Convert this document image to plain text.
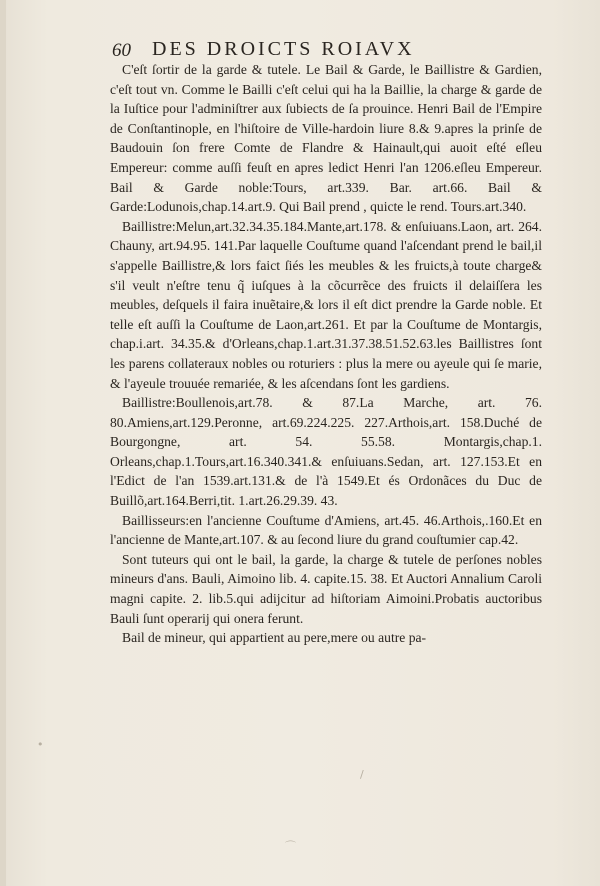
60 DES DROICTS ROIAVX

C'eſt ſortir de la garde & tutele. Le Bail & Garde, le Baillistre & Gardien, c'eſt tout vn. Comme le Bailli c'eſt celui qui ha la Baillie, la charge & garde de la Iuſtice pour l'adminiſtrer aux ſubiects de ſa prouince. Henri Bail de l'Empire de Conſtantinople, en l'hiſtoire de Ville-hardoin liure 8.& 9.apres la prinſe de Baudouin ſon frere Comte de Flandre & Hainault,qui auoit eſté eſleu Empereur: comme auſſi feuſt en apres ledict Henri l'an 1206.eſleu Empereur. Bail & Garde noble:Tours, art.339. Bar. art.66. Bail & Garde:Lodunois,chap.14.art.9. Qui Bail prend , quicte le rend. Tours.art.340.

Baillistre:Melun,art.32.34.35.184.Mante,art.178. & enſuiuans.Laon, art. 264. Chauny, art.94.95. 141.Par laquelle Couſtume quand l'aſcendant prend le bail,il s'appelle Baillistre,& lors faict ſiés les meubles & les fruicts,à toute charge& s'il veult n'eſtre tenu q̃ iuſques à la cõcurrẽce des fruicts il delaiſſera les meubles, deſquels il faira inuẽtaire,& lors il eſt dict prendre la Garde noble. Et telle eſt auſſi la Couſtume de Laon,art.261. Et par la Couſtume de Montargis, chap.i.art. 34.35.& d'Orleans,chap.1.art.31.37.38.51.52.63.les Baillistres ſont les parens collateraux nobles ou roturiers : plus la mere ou ayeule qui ſe marie, & l'ayeule trouuée remariée, & les aſcendans ſont les gardiens.

Baillistre:Boullenois,art.78. & 87.La Marche, art. 76. 80.Amiens,art.129.Peronne, art.69.224.225. 227.Arthois,art. 158.Duché de Bourgongne, art. 54. 55.58. Montargis,chap.1. Orleans,chap.1.Tours,art.16.340.341.& enſuiuans.Sedan, art. 127.153.Et en l'Edict de l'an 1539.art.131.& de l'à 1549.Et és Ordonãces du Duc de Buillõ,art.164.Berri,tit. 1.art.26.29.39. 43.

Baillisseurs:en l'ancienne Couſtume d'Amiens, art.45. 46.Arthois,.160.Et en l'ancienne de Mante,art.107. & au ſecond liure du grand couſtumier cap.42.

Sont tuteurs qui ont le bail, la garde, la charge & tutele de perſones nobles mineurs d'ans. Bauli, Aimoino lib. 4. capite.15. 38. Et Auctori Annalium Caroli magni capite. 2. lib.5.qui adijcitur ad hiſtoriam Aimoini.Probatis auctoribus Bauli ſunt operarij qui onera ferunt.

Bail de mineur, qui appartient au pere,mere ou autre pa-

•
/
⌒
